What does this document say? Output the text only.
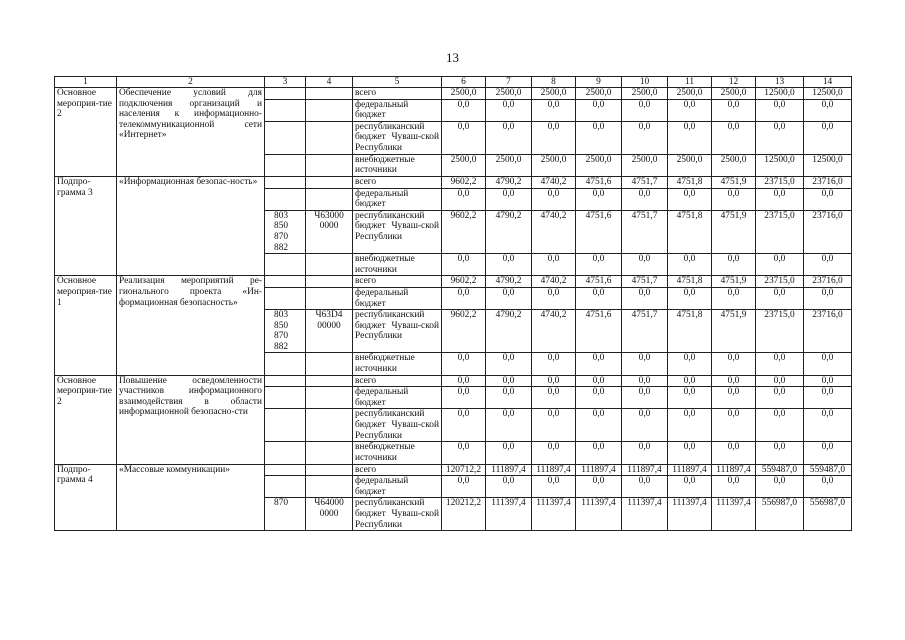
13
1	2	3	4	5	6	7	8	9	10	11	12	13	14
Основное мероприя-тие 2	Обеспечение условий для подключения организаций и населения к информационно-телекоммуникационной сети «Интернет»			всего	2500,0	2500,0	2500,0	2500,0	2500,0	2500,0	2500,0	12500,0	12500,0
				федеральный бюджет	0,0	0,0	0,0	0,0	0,0	0,0	0,0	0,0	0,0
				республиканский бюджет Чуваш-ской Республики	0,0	0,0	0,0	0,0	0,0	0,0	0,0	0,0	0,0
				внебюджетные источники	2500,0	2500,0	2500,0	2500,0	2500,0	2500,0	2500,0	12500,0	12500,0
Подпро-грамма 3	«Информационная безопас-ность»			всего	9602,2	4790,2	4740,2	4751,6	4751,7	4751,8	4751,9	23715,0	23716,0
				федеральный бюджет	0,0	0,0	0,0	0,0	0,0	0,0	0,0	0,0	0,0
		803 850 870 882	Ч63000 0000	республиканский бюджет Чуваш-ской Республики	9602,2	4790,2	4740,2	4751,6	4751,7	4751,8	4751,9	23715,0	23716,0
				внебюджетные источники	0,0	0,0	0,0	0,0	0,0	0,0	0,0	0,0	0,0
Основное мероприя-тие 1	Реализация мероприятий ре-гионального проекта «Ин-формационная безопасность»			всего	9602,2	4790,2	4740,2	4751,6	4751,7	4751,8	4751,9	23715,0	23716,0
				федеральный бюджет	0,0	0,0	0,0	0,0	0,0	0,0	0,0	0,0	0,0
		803 850 870 882	Ч63D4 00000	республиканский бюджет Чуваш-ской Республики	9602,2	4790,2	4740,2	4751,6	4751,7	4751,8	4751,9	23715,0	23716,0
				внебюджетные источники	0,0	0,0	0,0	0,0	0,0	0,0	0,0	0,0	0,0
Основное мероприя-тие 2	Повышение осведомленности участников информационного взаимодействия в области информационной безопасно-сти			всего	0,0	0,0	0,0	0,0	0,0	0,0	0,0	0,0	0,0
				федеральный бюджет	0,0	0,0	0,0	0,0	0,0	0,0	0,0	0,0	0,0
				республиканский бюджет Чуваш-ской Республики	0,0	0,0	0,0	0,0	0,0	0,0	0,0	0,0	0,0
				внебюджетные источники	0,0	0,0	0,0	0,0	0,0	0,0	0,0	0,0	0,0
Подпро-грамма 4	«Массовые коммуникации»			всего	120712,2	111897,4	111897,4	111897,4	111897,4	111897,4	111897,4	559487,0	559487,0
				федеральный бюджет	0,0	0,0	0,0	0,0	0,0	0,0	0,0	0,0	0,0
		870	Ч64000 0000	республиканский бюджет Чуваш-ской Республики	120212,2	111397,4	111397,4	111397,4	111397,4	111397,4	111397,4	556987,0	556987,0
